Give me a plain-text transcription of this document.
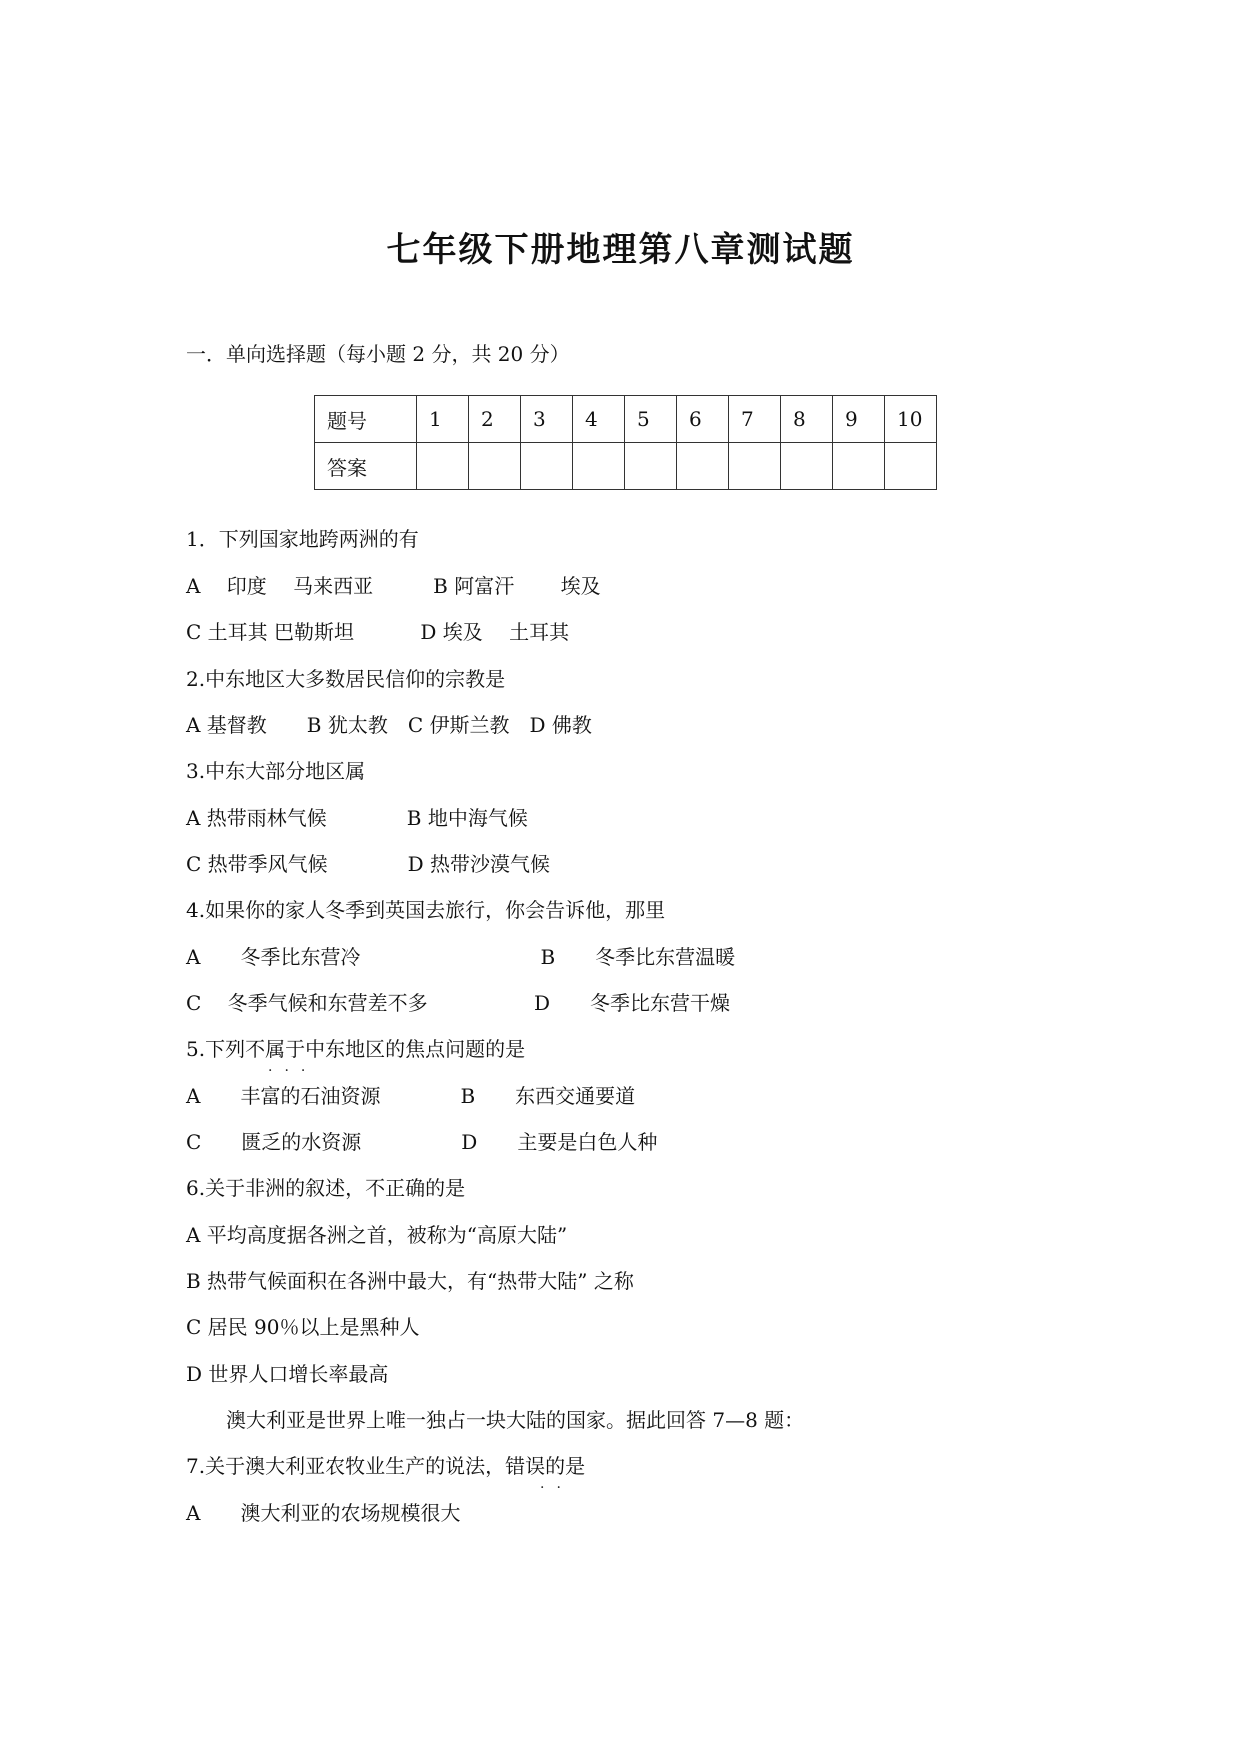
七年级下册地理第八章测试题
一．单向选择题（每小题 2 分，共 20 分）
题号	1	2	3	4	5	6	7	8	9	10
答案										
1．下列国家地跨两洲的有
A　 印度　 马来西亚　　　B 阿富汗　　 埃及
C 土耳其 巴勒斯坦　　　 D 埃及　 土耳其
2.中东地区大多数居民信仰的宗教是
A 基督教　　B 犹太教　C 伊斯兰教　D 佛教
3.中东大部分地区属
A 热带雨林气候　　　　B 地中海气候
C 热带季风气候　　　　D 热带沙漠气候
4.如果你的家人冬季到英国去旅行，你会告诉他，那里
A　　冬季比东营冷　　　　　　　　　B　　冬季比东营温暖
C　 冬季气候和东营差不多　　　　　 D　　冬季比东营干燥
5.下列不属于中东地区的焦点问题的是
···
A　　丰富的石油资源　　　　B　　东西交通要道
C　　匮乏的水资源　　　　　D　　主要是白色人种
6.关于非洲的叙述，不正确的是
A 平均高度据各洲之首，被称为“高原大陆”
B 热带气候面积在各洲中最大，有“热带大陆” 之称
C 居民 90％以上是黑种人
D 世界人口增长率最高
　　澳大利亚是世界上唯一独占一块大陆的国家。据此回答 7—8 题：
7.关于澳大利亚农牧业生产的说法，错误的是
··
A　　澳大利亚的农场规模很大
